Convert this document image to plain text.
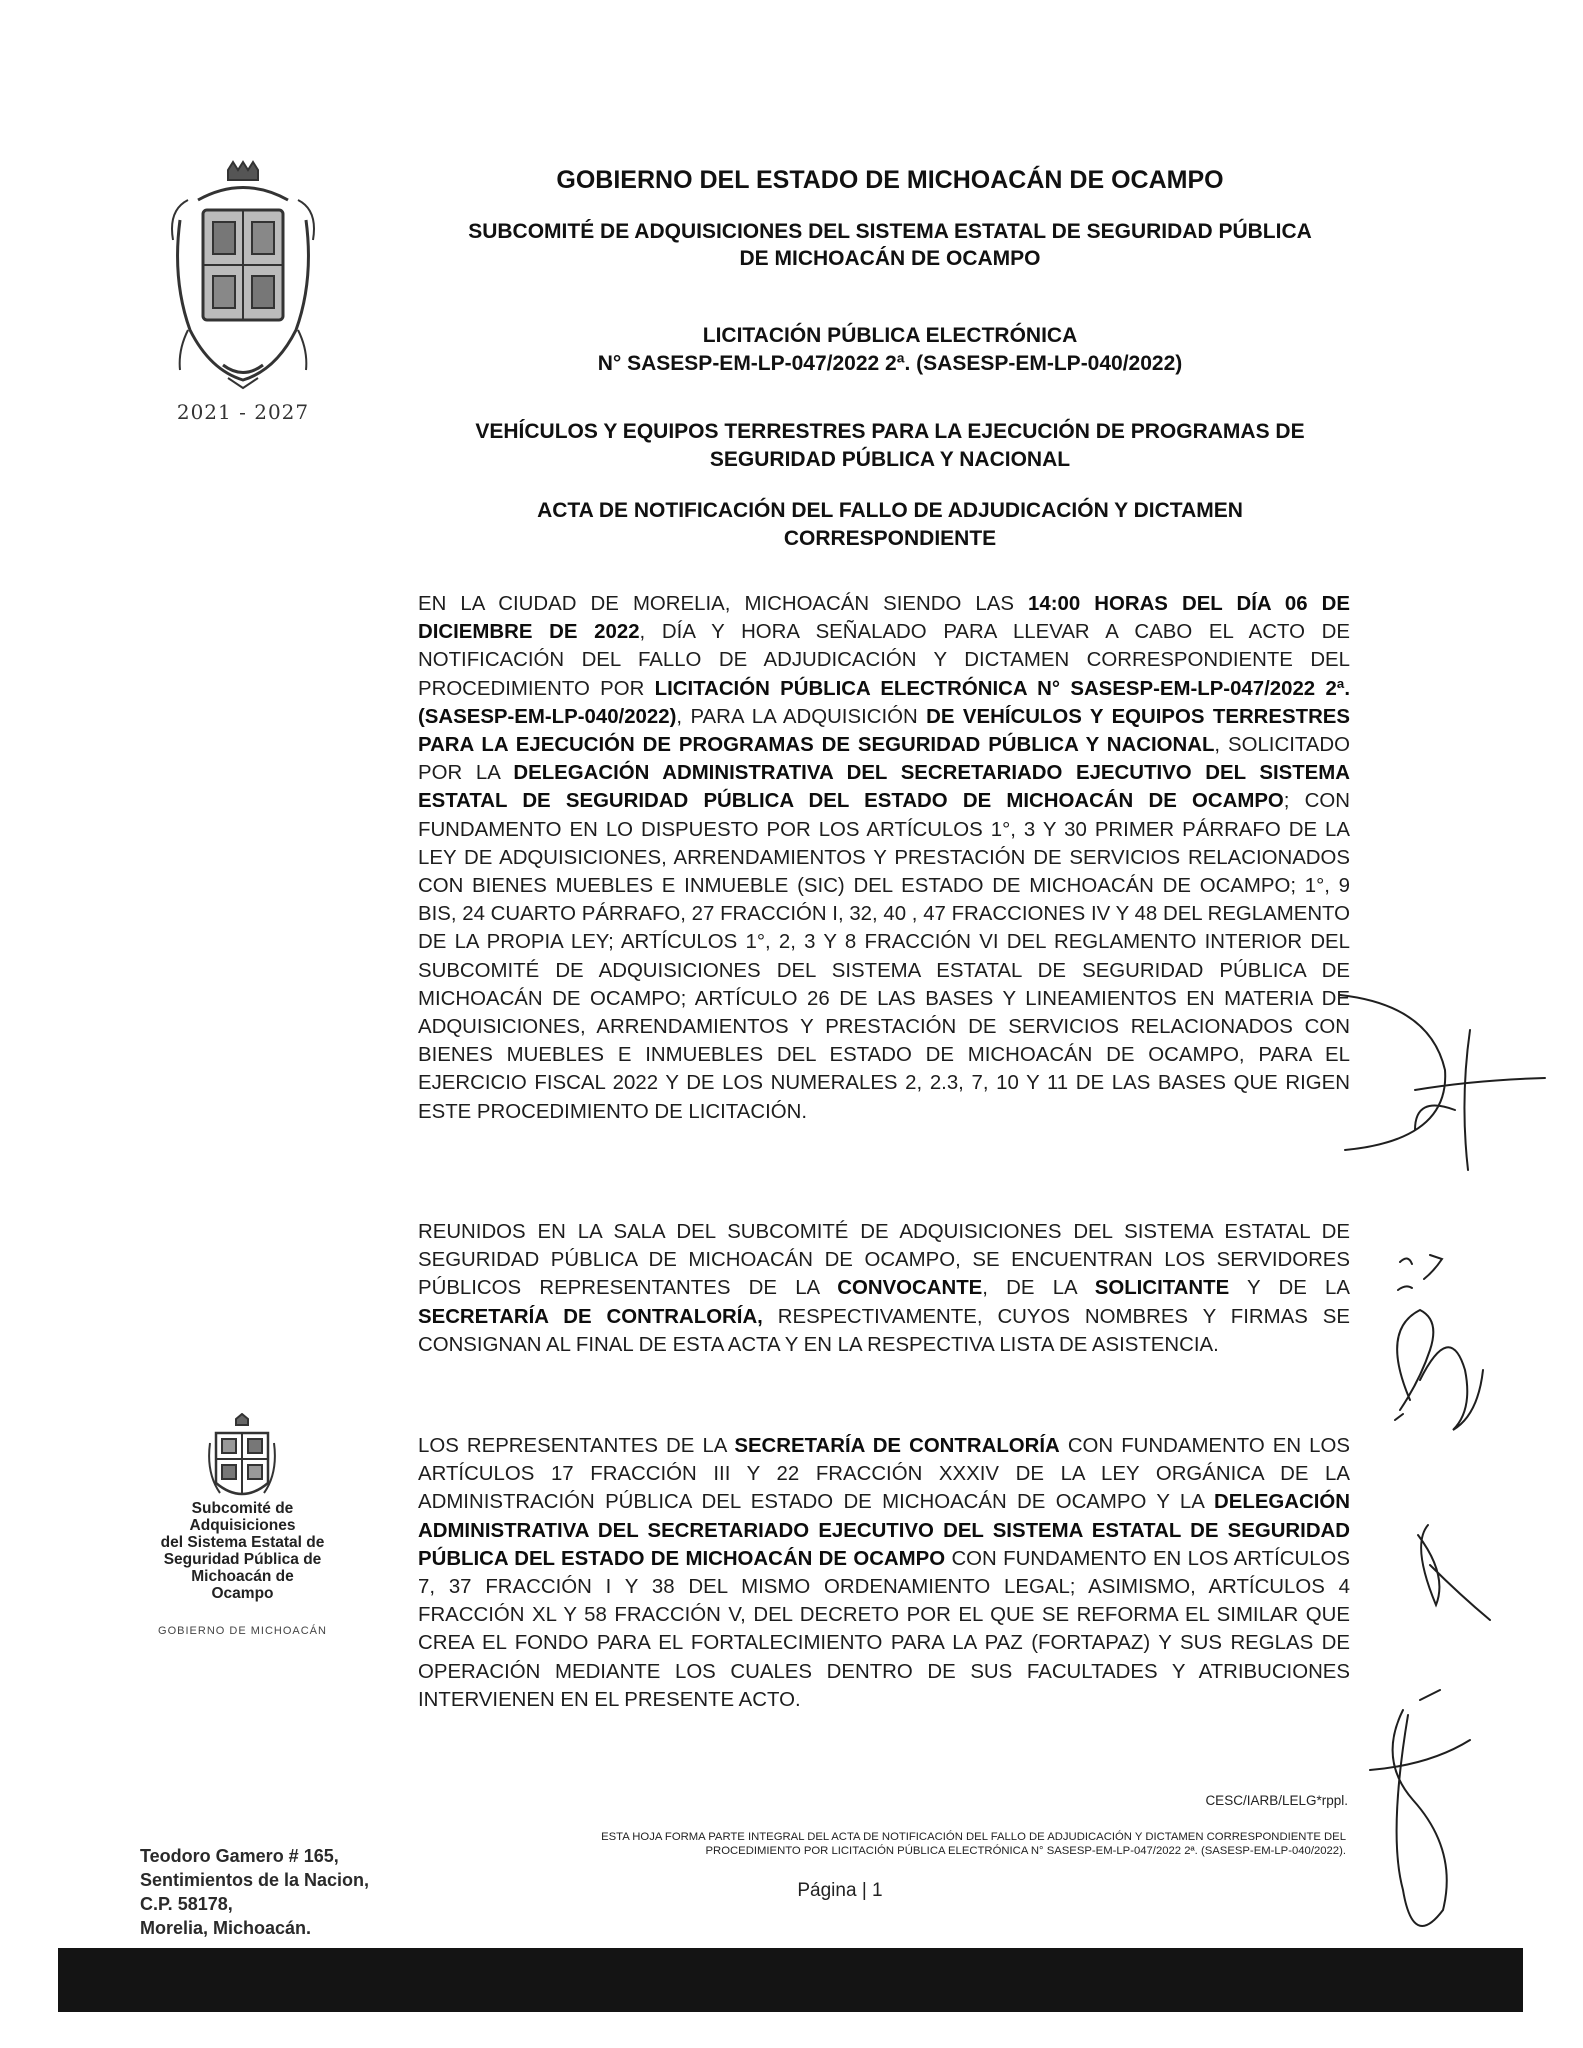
2021 - 2027
GOBIERNO DEL ESTADO DE MICHOACÁN DE OCAMPO
SUBCOMITÉ DE ADQUISICIONES DEL SISTEMA ESTATAL DE SEGURIDAD PÚBLICA
DE MICHOACÁN DE OCAMPO
LICITACIÓN PÚBLICA ELECTRÓNICA
N° SASESP-EM-LP-047/2022 2ª. (SASESP-EM-LP-040/2022)
VEHÍCULOS Y EQUIPOS TERRESTRES PARA LA EJECUCIÓN DE PROGRAMAS DE
SEGURIDAD PÚBLICA Y NACIONAL
ACTA DE NOTIFICACIÓN DEL FALLO DE ADJUDICACIÓN Y DICTAMEN
CORRESPONDIENTE
EN LA CIUDAD DE MORELIA, MICHOACÁN SIENDO LAS 14:00 HORAS DEL DÍA 06 DE DICIEMBRE DE 2022, DÍA Y HORA SEÑALADO PARA LLEVAR A CABO EL ACTO DE NOTIFICACIÓN DEL FALLO DE ADJUDICACIÓN Y DICTAMEN CORRESPONDIENTE DEL PROCEDIMIENTO POR LICITACIÓN PÚBLICA ELECTRÓNICA N° SASESP-EM-LP-047/2022 2ª. (SASESP-EM-LP-040/2022), PARA LA ADQUISICIÓN DE VEHÍCULOS Y EQUIPOS TERRESTRES PARA LA EJECUCIÓN DE PROGRAMAS DE SEGURIDAD PÚBLICA Y NACIONAL, SOLICITADO POR LA DELEGACIÓN ADMINISTRATIVA DEL SECRETARIADO EJECUTIVO DEL SISTEMA ESTATAL DE SEGURIDAD PÚBLICA DEL ESTADO DE MICHOACÁN DE OCAMPO; CON FUNDAMENTO EN LO DISPUESTO POR LOS ARTÍCULOS 1°, 3 Y 30 PRIMER PÁRRAFO DE LA LEY DE ADQUISICIONES, ARRENDAMIENTOS Y PRESTACIÓN DE SERVICIOS RELACIONADOS CON BIENES MUEBLES E INMUEBLE (SIC) DEL ESTADO DE MICHOACÁN DE OCAMPO; 1°, 9 BIS, 24 CUARTO PÁRRAFO, 27 FRACCIÓN I, 32, 40 , 47 FRACCIONES IV Y 48 DEL REGLAMENTO DE LA PROPIA LEY; ARTÍCULOS 1°, 2, 3 Y 8 FRACCIÓN VI DEL REGLAMENTO INTERIOR DEL SUBCOMITÉ DE ADQUISICIONES DEL SISTEMA ESTATAL DE SEGURIDAD PÚBLICA DE MICHOACÁN DE OCAMPO; ARTÍCULO 26 DE LAS BASES Y LINEAMIENTOS EN MATERIA DE ADQUISICIONES, ARRENDAMIENTOS Y PRESTACIÓN DE SERVICIOS RELACIONADOS CON BIENES MUEBLES E INMUEBLES DEL ESTADO DE MICHOACÁN DE OCAMPO, PARA EL EJERCICIO FISCAL 2022 Y DE LOS NUMERALES 2, 2.3, 7, 10 Y 11 DE LAS BASES QUE RIGEN ESTE PROCEDIMIENTO DE LICITACIÓN.
REUNIDOS EN LA SALA DEL SUBCOMITÉ DE ADQUISICIONES DEL SISTEMA ESTATAL DE SEGURIDAD PÚBLICA DE MICHOACÁN DE OCAMPO, SE ENCUENTRAN LOS SERVIDORES PÚBLICOS REPRESENTANTES DE LA CONVOCANTE, DE LA SOLICITANTE Y DE LA SECRETARÍA DE CONTRALORÍA, RESPECTIVAMENTE, CUYOS NOMBRES Y FIRMAS SE CONSIGNAN AL FINAL DE ESTA ACTA Y EN LA RESPECTIVA LISTA DE ASISTENCIA.
LOS REPRESENTANTES DE LA SECRETARÍA DE CONTRALORÍA CON FUNDAMENTO EN LOS ARTÍCULOS 17 FRACCIÓN III Y 22 FRACCIÓN XXXIV DE LA LEY ORGÁNICA DE LA ADMINISTRACIÓN PÚBLICA DEL ESTADO DE MICHOACÁN DE OCAMPO Y LA DELEGACIÓN ADMINISTRATIVA DEL SECRETARIADO EJECUTIVO DEL SISTEMA ESTATAL DE SEGURIDAD PÚBLICA DEL ESTADO DE MICHOACÁN DE OCAMPO CON FUNDAMENTO EN LOS ARTÍCULOS 7, 37 FRACCIÓN I Y 38 DEL MISMO ORDENAMIENTO LEGAL; ASIMISMO, ARTÍCULOS 4 FRACCIÓN XL Y 58 FRACCIÓN V, DEL DECRETO POR EL QUE SE REFORMA EL SIMILAR QUE CREA EL FONDO PARA EL FORTALECIMIENTO PARA LA PAZ (FORTAPAZ) Y SUS REGLAS DE OPERACIÓN MEDIANTE LOS CUALES DENTRO DE SUS FACULTADES Y ATRIBUCIONES INTERVIENEN EN EL PRESENTE ACTO.
Subcomité de
Adquisiciones
del Sistema Estatal de
Seguridad Pública de
Michoacán de
Ocampo
GOBIERNO DE MICHOACÁN
Teodoro Gamero # 165,
Sentimientos de la Nacion,
C.P. 58178,
Morelia, Michoacán.
CESC/IARB/LELG*rppl.
ESTA HOJA FORMA PARTE INTEGRAL DEL ACTA DE NOTIFICACIÓN DEL FALLO DE ADJUDICACIÓN Y DICTAMEN CORRESPONDIENTE DEL
PROCEDIMIENTO POR LICITACIÓN PÚBLICA ELECTRÓNICA N° SASESP-EM-LP-047/2022 2ª. (SASESP-EM-LP-040/2022).
Página | 1
